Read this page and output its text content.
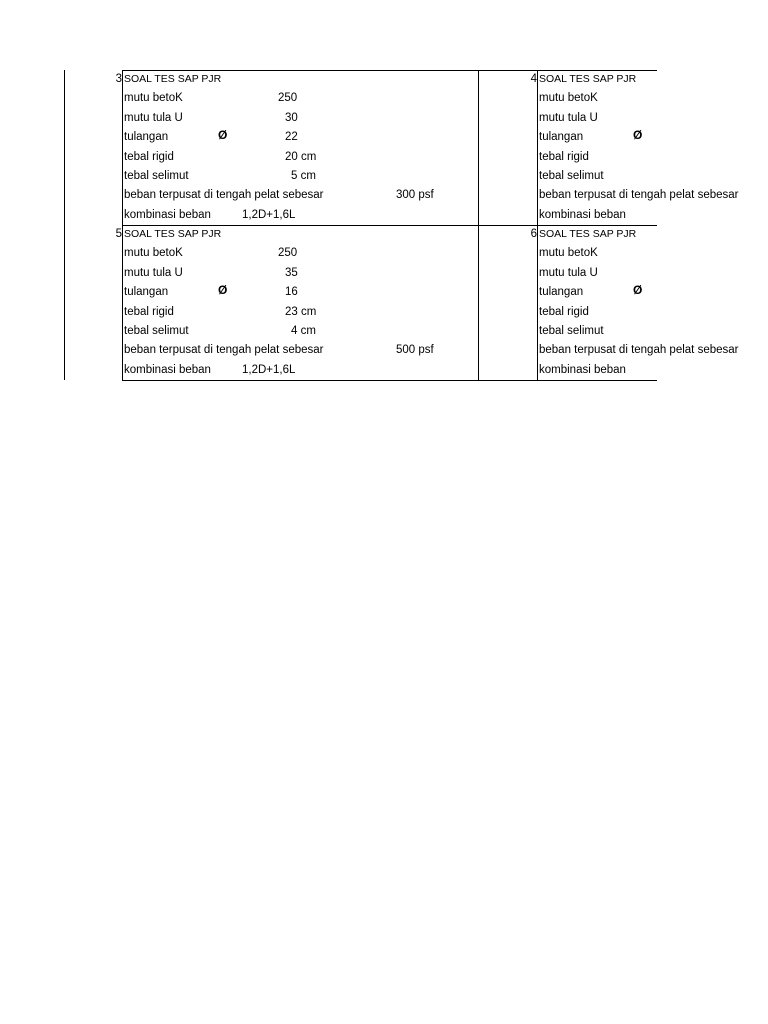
3 SOAL TES SAP PJR
mutu betoK	250
mutu tula U	30
tulangan	Ø	22
tebal rigid	20 cm
tebal selimut	5 cm
beban terpusat di tengah pelat sebesar	300 psf
kombinasi beban	1,2D+1,6L
4 SOAL TES SAP PJR
mutu betoK
mutu tula U
tulangan	Ø
tebal rigid
tebal selimut
beban terpusat di tengah pelat sebesar
kombinasi beban
5 SOAL TES SAP PJR
mutu betoK	250
mutu tula U	35
tulangan	Ø	16
tebal rigid	23 cm
tebal selimut	4 cm
beban terpusat di tengah pelat sebesar	500 psf
kombinasi beban	1,2D+1,6L
6 SOAL TES SAP PJR
mutu betoK
mutu tula U
tulangan	Ø
tebal rigid
tebal selimut
beban terpusat di tengah pelat sebesar
kombinasi beban
